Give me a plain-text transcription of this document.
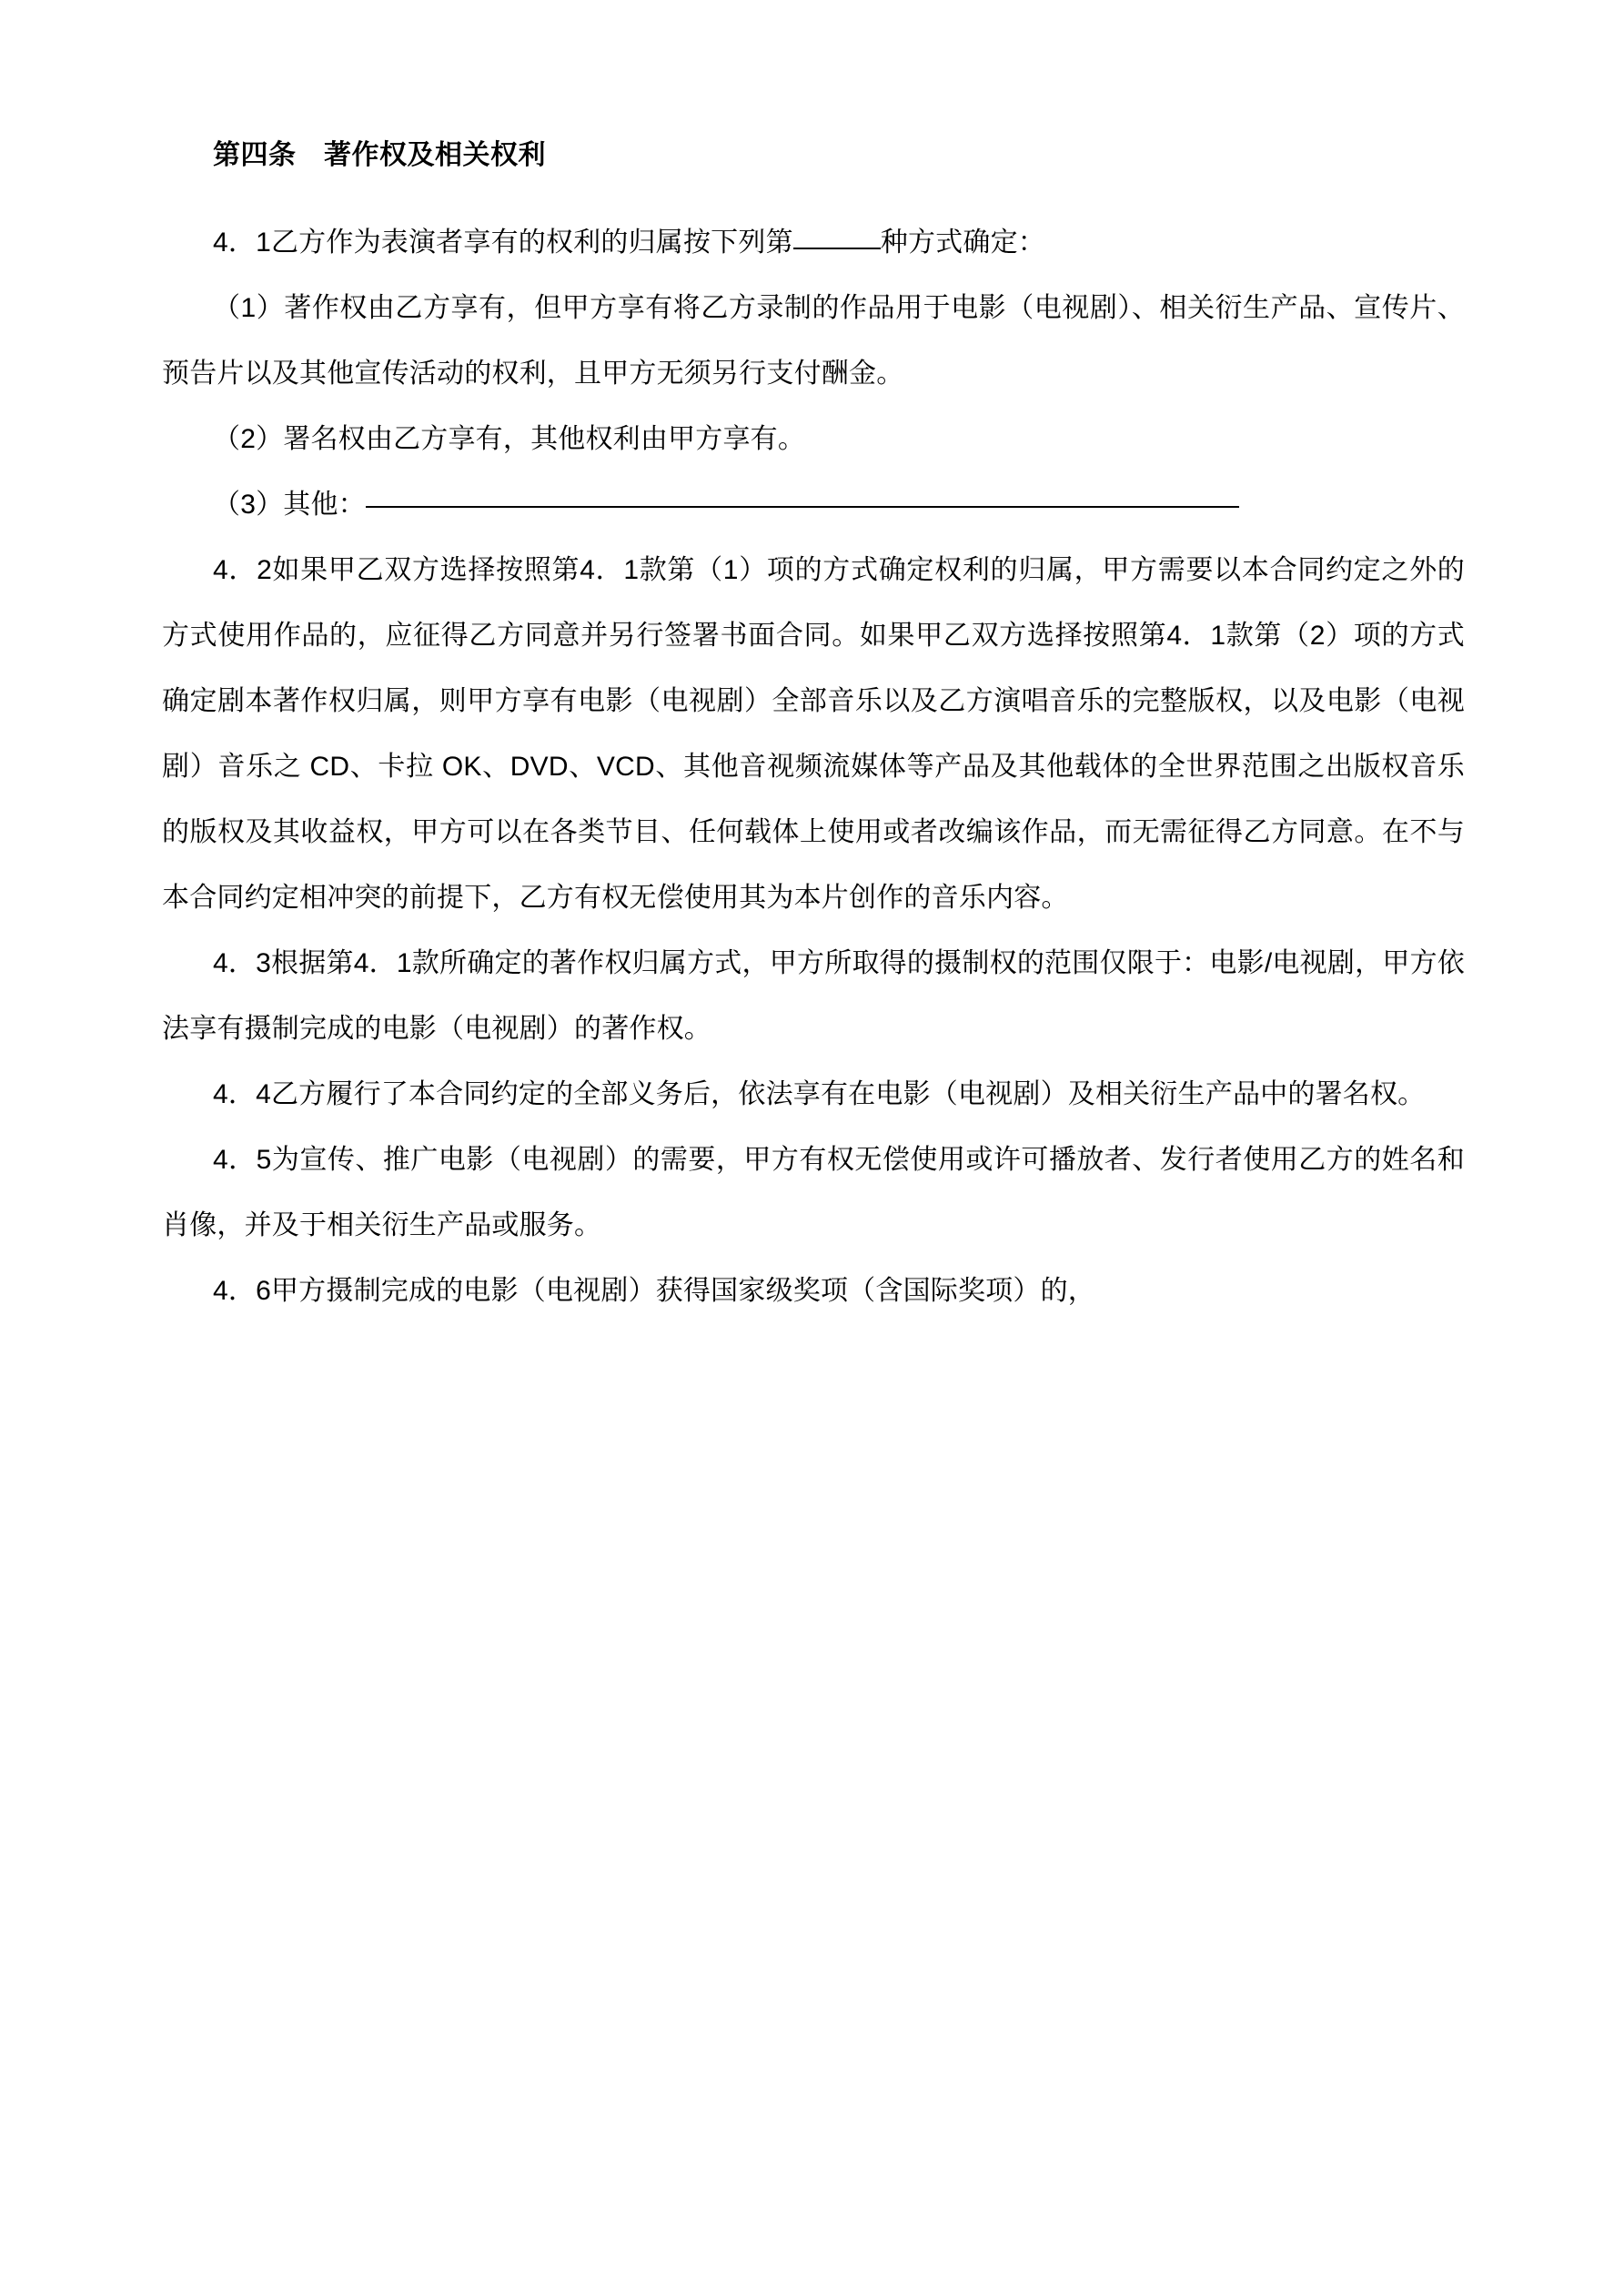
第四条　著作权及相关权利

4．1乙方作为表演者享有的权利的归属按下列第	种方式确定：

（1）著作权由乙方享有，但甲方享有将乙方录制的作品用于电影（电视剧）、相关衍生产品、宣传片、预告片以及其他宣传活动的权利，且甲方无须另行支付酬金。

（2）署名权由乙方享有，其他权利由甲方享有。

（3）其他：

4．2如果甲乙双方选择按照第4．1款第（1）项的方式确定权利的归属，甲方需要以本合同约定之外的方式使用作品的，应征得乙方同意并另行签署书面合同。如果甲乙双方选择按照第4．1款第（2）项的方式确定剧本著作权归属，则甲方享有电影（电视剧）全部音乐以及乙方演唱音乐的完整版权，以及电影（电视剧）音乐之 CD、卡拉 OK、DVD、VCD、其他音视频流媒体等产品及其他载体的全世界范围之出版权音乐的版权及其收益权，甲方可以在各类节目、任何载体上使用或者改编该作品，而无需征得乙方同意。在不与本合同约定相冲突的前提下，乙方有权无偿使用其为本片创作的音乐内容。

4．3根据第4．1款所确定的著作权归属方式，甲方所取得的摄制权的范围仅限于：电影/电视剧，甲方依法享有摄制完成的电影（电视剧）的著作权。

4．4乙方履行了本合同约定的全部义务后，依法享有在电影（电视剧）及相关衍生产品中的署名权。

4．5为宣传、推广电影（电视剧）的需要，甲方有权无偿使用或许可播放者、发行者使用乙方的姓名和肖像，并及于相关衍生产品或服务。

4．6甲方摄制完成的电影（电视剧）获得国家级奖项（含国际奖项）的，
